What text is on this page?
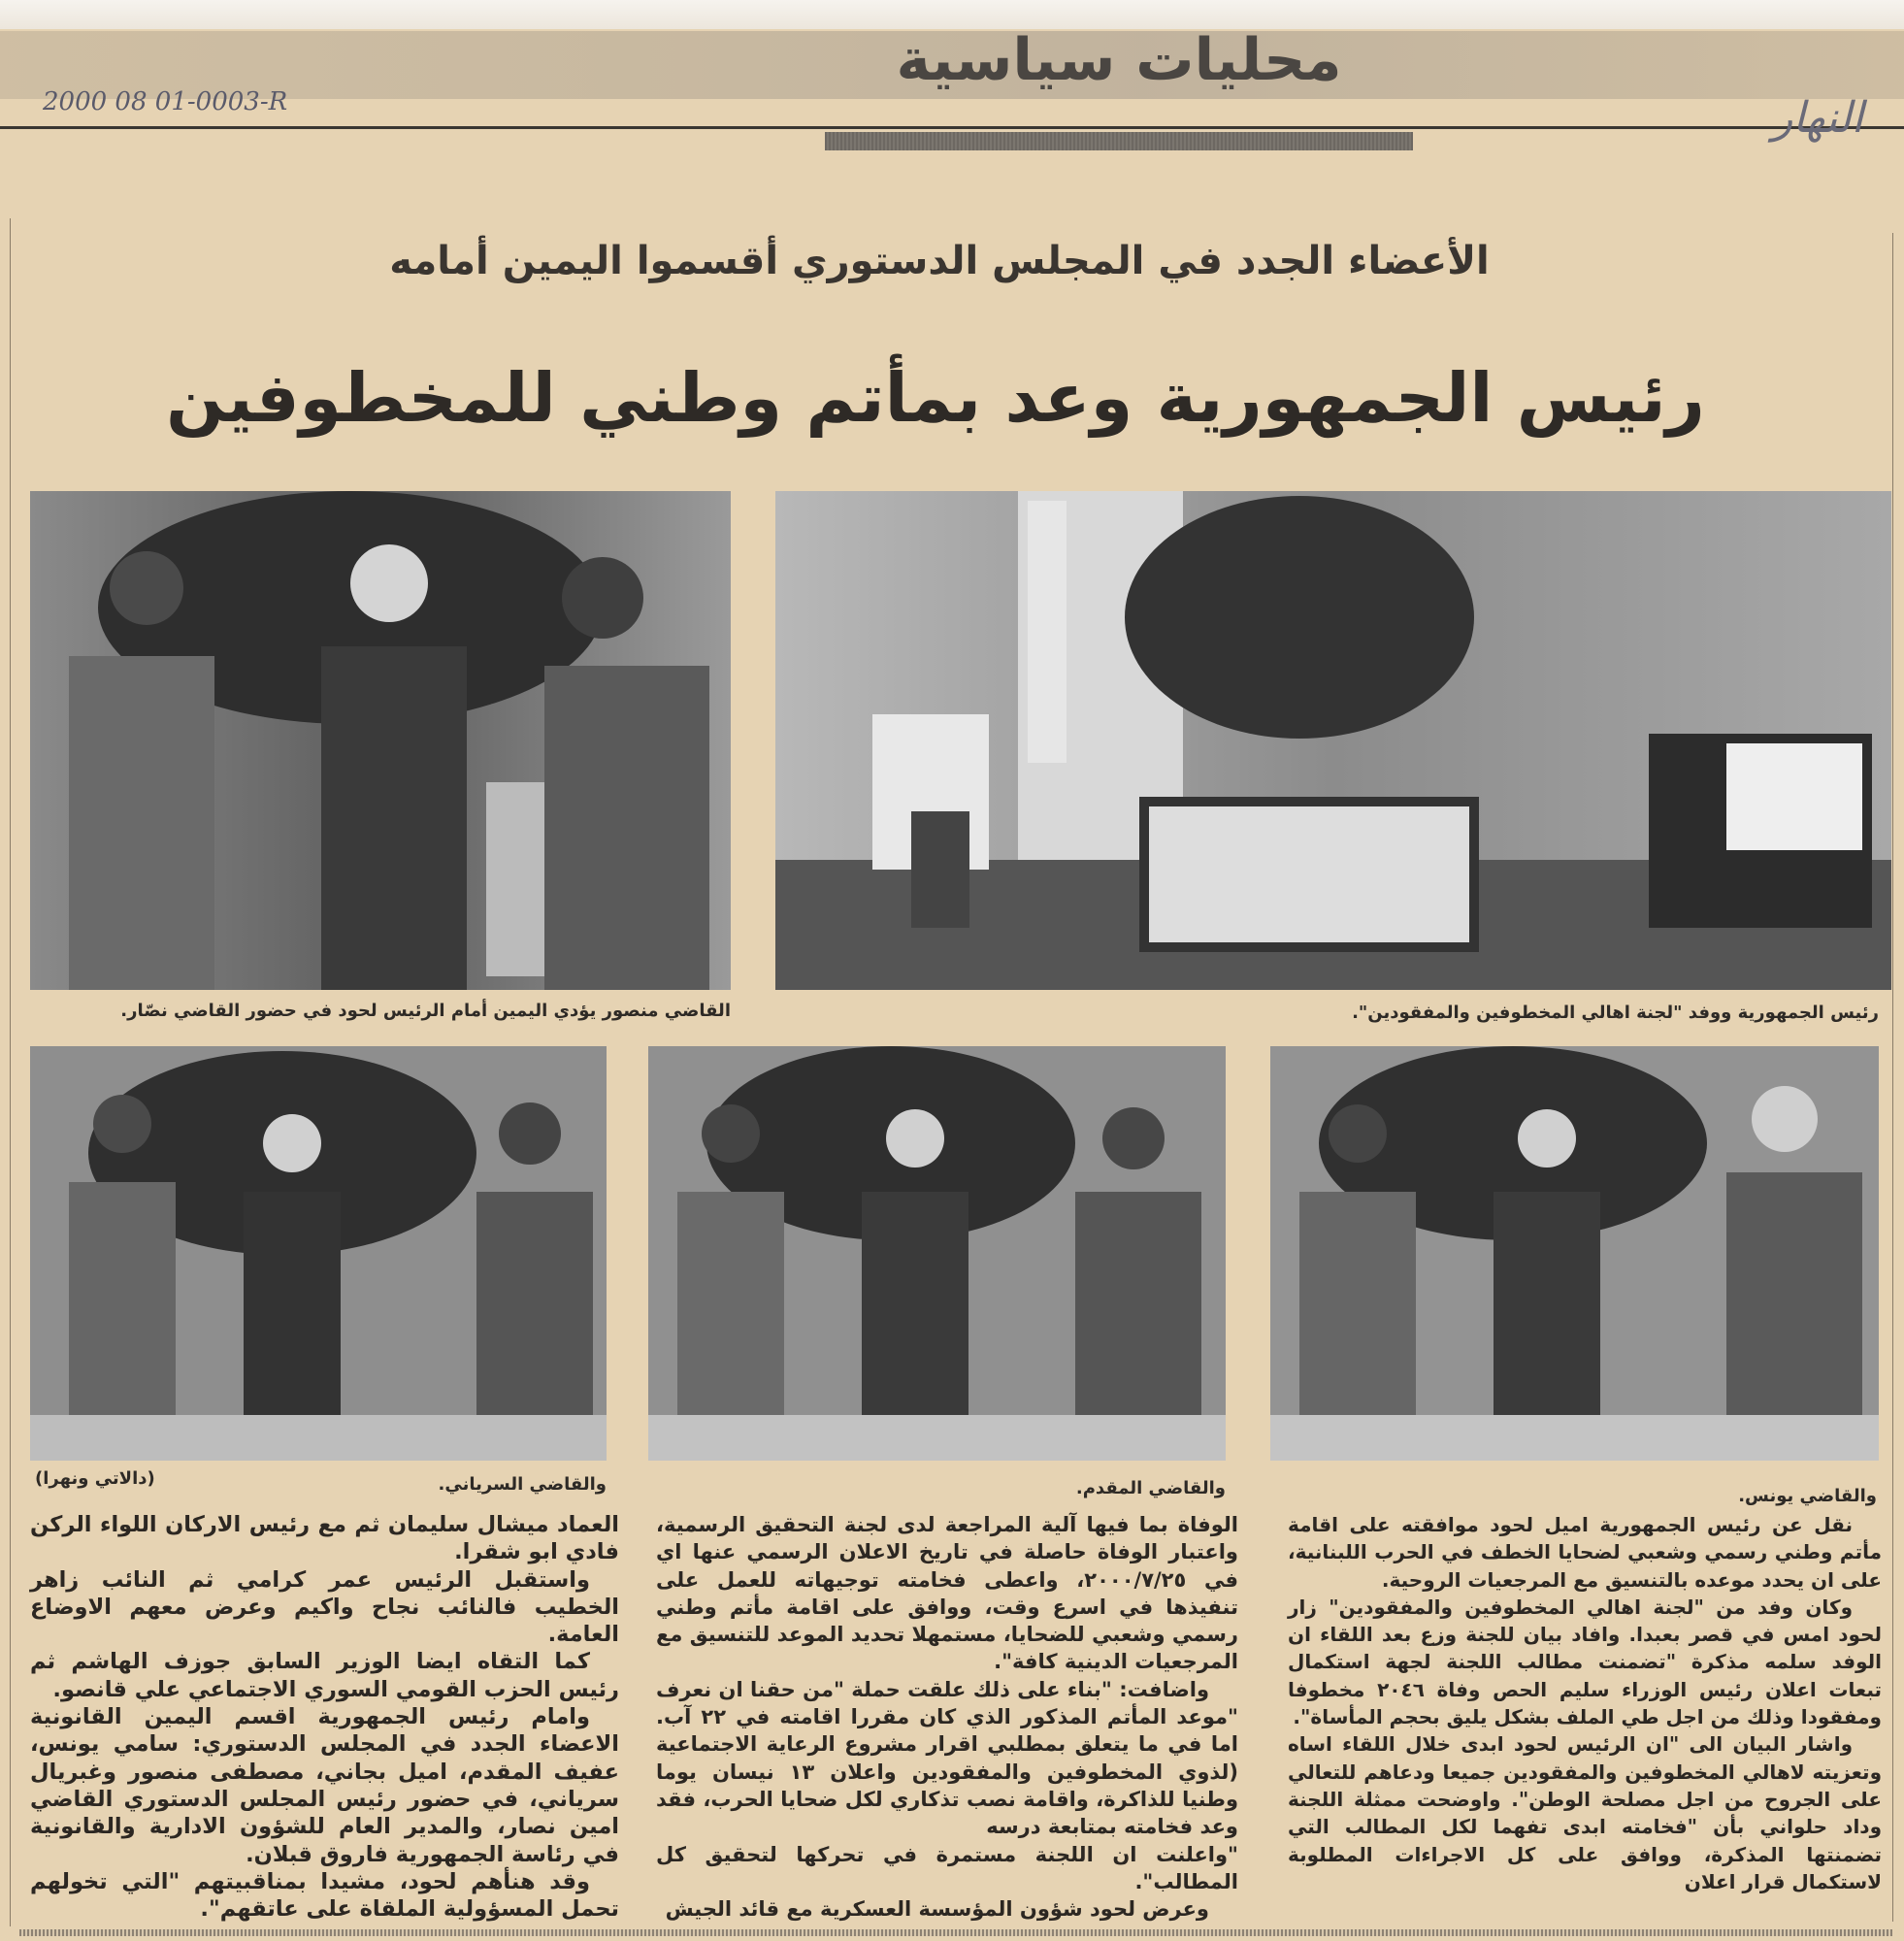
محليات سياسية
2000 08 01-0003-R	النهار
الأعضاء الجدد في المجلس الدستوري أقسموا اليمين أمامه
رئيس الجمهورية وعد بمأتم وطني للمخطوفين
القاضي منصور يؤدي اليمين أمام الرئيس لحود في حضور القاضي نصّار.	رئيس الجمهورية ووفد "لجنة اهالي المخطوفين والمفقودين".
والقاضي السرياني.
(دالاتي ونهرا)	والقاضي المقدم.	والقاضي يونس.

نقل عن رئيس الجمهورية اميل لحود موافقته على اقامة مأتم وطني رسمي وشعبي لضحايا الخطف في الحرب اللبنانية، على ان يحدد موعده بالتنسيق مع المرجعيات الروحية.

وكان وفد من "لجنة اهالي المخطوفين والمفقودين" زار لحود امس في قصر بعبدا. وافاد بيان للجنة وزع بعد اللقاء ان الوفد سلمه مذكرة "تضمنت مطالب اللجنة لجهة استكمال تبعات اعلان رئيس الوزراء سليم الحص وفاة ٢٠٤٦ مخطوفا ومفقودا وذلك من اجل طي الملف بشكل يليق بحجم المأساة".

واشار البيان الى "ان الرئيس لحود ابدى خلال اللقاء اساه وتعزيته لاهالي المخطوفين والمفقودين جميعا ودعاهم للتعالي على الجروح من اجل مصلحة الوطن". واوضحت ممثلة اللجنة وداد حلواني بأن "فخامته ابدى تفهما لكل المطالب التي تضمنتها المذكرة، ووافق على كل الاجراءات المطلوبة لاستكمال قرار اعلان

الوفاة بما فيها آلية المراجعة لدى لجنة التحقيق الرسمية، واعتبار الوفاة حاصلة في تاريخ الاعلان الرسمي عنها اي في ٢٠٠٠/٧/٢٥، واعطى فخامته توجيهاته للعمل على تنفيذها في اسرع وقت، ووافق على اقامة مأتم وطني رسمي وشعبي للضحايا، مستمهلا تحديد الموعد للتنسيق مع المرجعيات الدينية كافة".

واضافت: "بناء على ذلك علقت حملة "من حقنا ان نعرف "موعد المأتم المذكور الذي كان مقررا اقامته في ٢٢ آب. اما في ما يتعلق بمطلبي اقرار مشروع الرعاية الاجتماعية (لذوي المخطوفين والمفقودين واعلان ١٣ نيسان يوما وطنيا للذاكرة، واقامة نصب تذكاري لكل ضحايا الحرب، فقد وعد فخامته بمتابعة درسه

"واعلنت ان اللجنة مستمرة في تحركها لتحقيق كل المطالب".

وعرض لحود شؤون المؤسسة العسكرية مع قائد الجيش

العماد ميشال سليمان ثم مع رئيس الاركان اللواء الركن فادي ابو شقرا.

واستقبل الرئيس عمر كرامي ثم النائب زاهر الخطيب فالنائب نجاح واكيم وعرض معهم الاوضاع العامة.

كما التقاه ايضا الوزير السابق جوزف الهاشم ثم رئيس الحزب القومي السوري الاجتماعي علي قانصو.

وامام رئيس الجمهورية اقسم اليمين القانونية الاعضاء الجدد في المجلس الدستوري: سامي يونس، عفيف المقدم، اميل بجاني، مصطفى منصور وغبريال سرياني، في حضور رئيس المجلس الدستوري القاضي امين نصار، والمدير العام للشؤون الادارية والقانونية في رئاسة الجمهورية فاروق قبلان.

وقد هنأهم لحود، مشيدا بمناقبيتهم "التي تخولهم تحمل المسؤولية الملقاة على عاتقهم".
